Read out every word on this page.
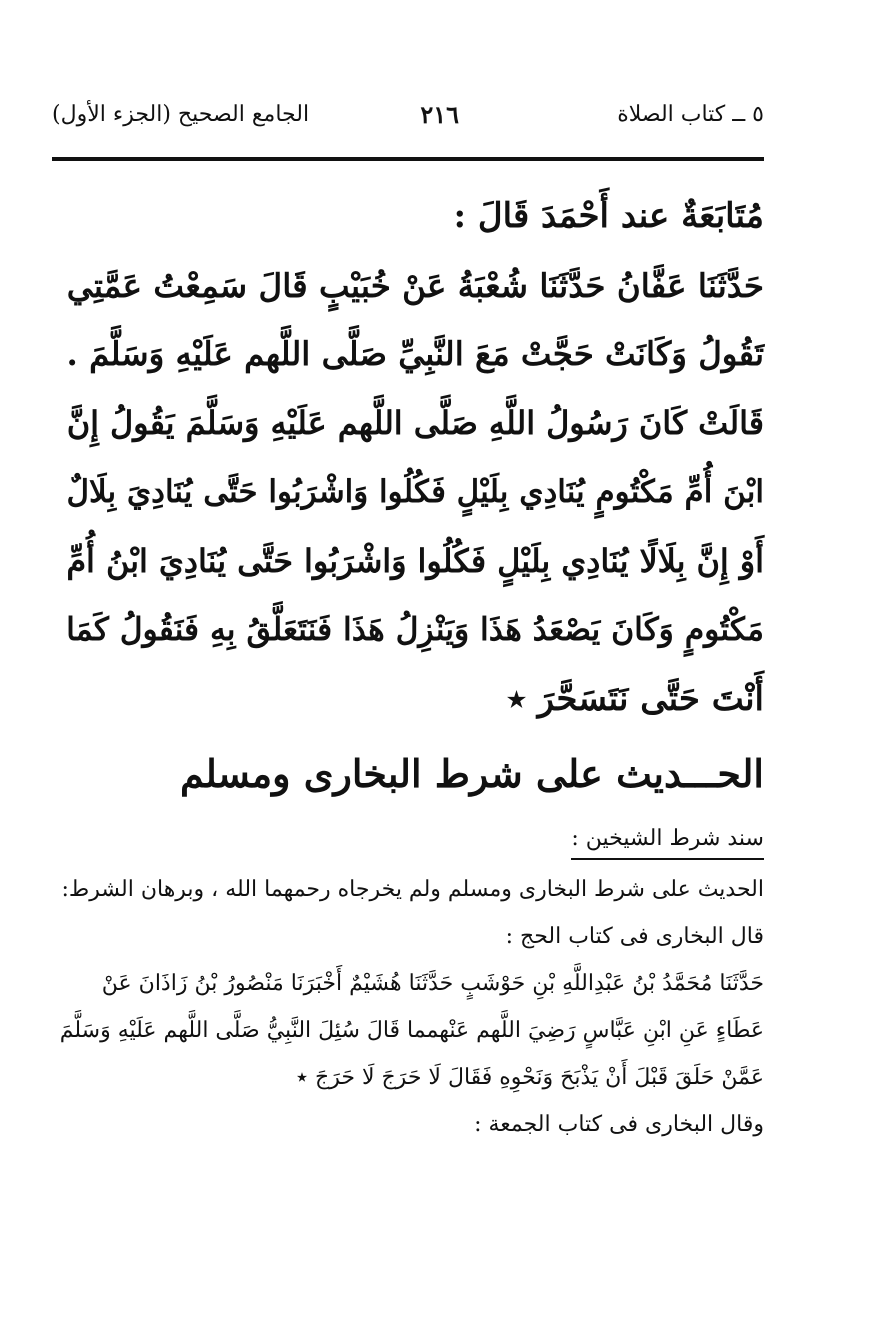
٥ ــ كتاب الصلاة
٢١٦
الجامع الصحيح (الجزء الأول)

مُتَابَعَةٌ عند أَحْمَدَ قَالَ :

حَدَّثَنَا عَفَّانُ حَدَّثَنَا شُعْبَةُ عَنْ خُبَيْبٍ قَالَ سَمِعْتُ عَمَّتِي

تَقُولُ وَكَانَتْ حَجَّتْ مَعَ النَّبِيِّ صَلَّى اللَّهم عَلَيْهِ وَسَلَّمَ .

قَالَتْ كَانَ رَسُولُ اللَّهِ صَلَّى اللَّهم عَلَيْهِ وَسَلَّمَ يَقُولُ إِنَّ

ابْنَ أُمِّ مَكْتُومٍ يُنَادِي بِلَيْلٍ فَكُلُوا وَاشْرَبُوا حَتَّى يُنَادِيَ بِلَالٌ

أَوْ إِنَّ بِلَالًا يُنَادِي بِلَيْلٍ فَكُلُوا وَاشْرَبُوا حَتَّى يُنَادِيَ ابْنُ أُمِّ

مَكْتُومٍ وَكَانَ يَصْعَدُ هَذَا وَيَنْزِلُ هَذَا فَنَتَعَلَّقُ بِهِ فَنَقُولُ كَمَا

أَنْتَ حَتَّى نَتَسَحَّرَ ٭

الحـــديث على شرط البخارى ومسلم

سند شرط الشيخين :

الحديث على شرط البخارى ومسلم ولم يخرجاه رحمهما الله ، وبرهان الشرط:

قال البخارى فى كتاب الحج :

حَدَّثَنَا مُحَمَّدُ بْنُ عَبْدِاللَّهِ بْنِ حَوْشَبٍ حَدَّثَنَا هُشَيْمٌ أَخْبَرَنَا مَنْصُورُ بْنُ زَاذَانَ عَنْ

عَطَاءٍ عَنِ ابْنِ عَبَّاسٍ رَضِيَ اللَّهم عَنْهمما قَالَ سُئِلَ النَّبِيُّ صَلَّى اللَّهم عَلَيْهِ وَسَلَّمَ

عَمَّنْ حَلَقَ قَبْلَ أَنْ يَذْبَحَ وَنَحْوِهِ فَقَالَ لَا حَرَجَ لَا حَرَجَ ٭

وقال البخارى فى كتاب الجمعة :
